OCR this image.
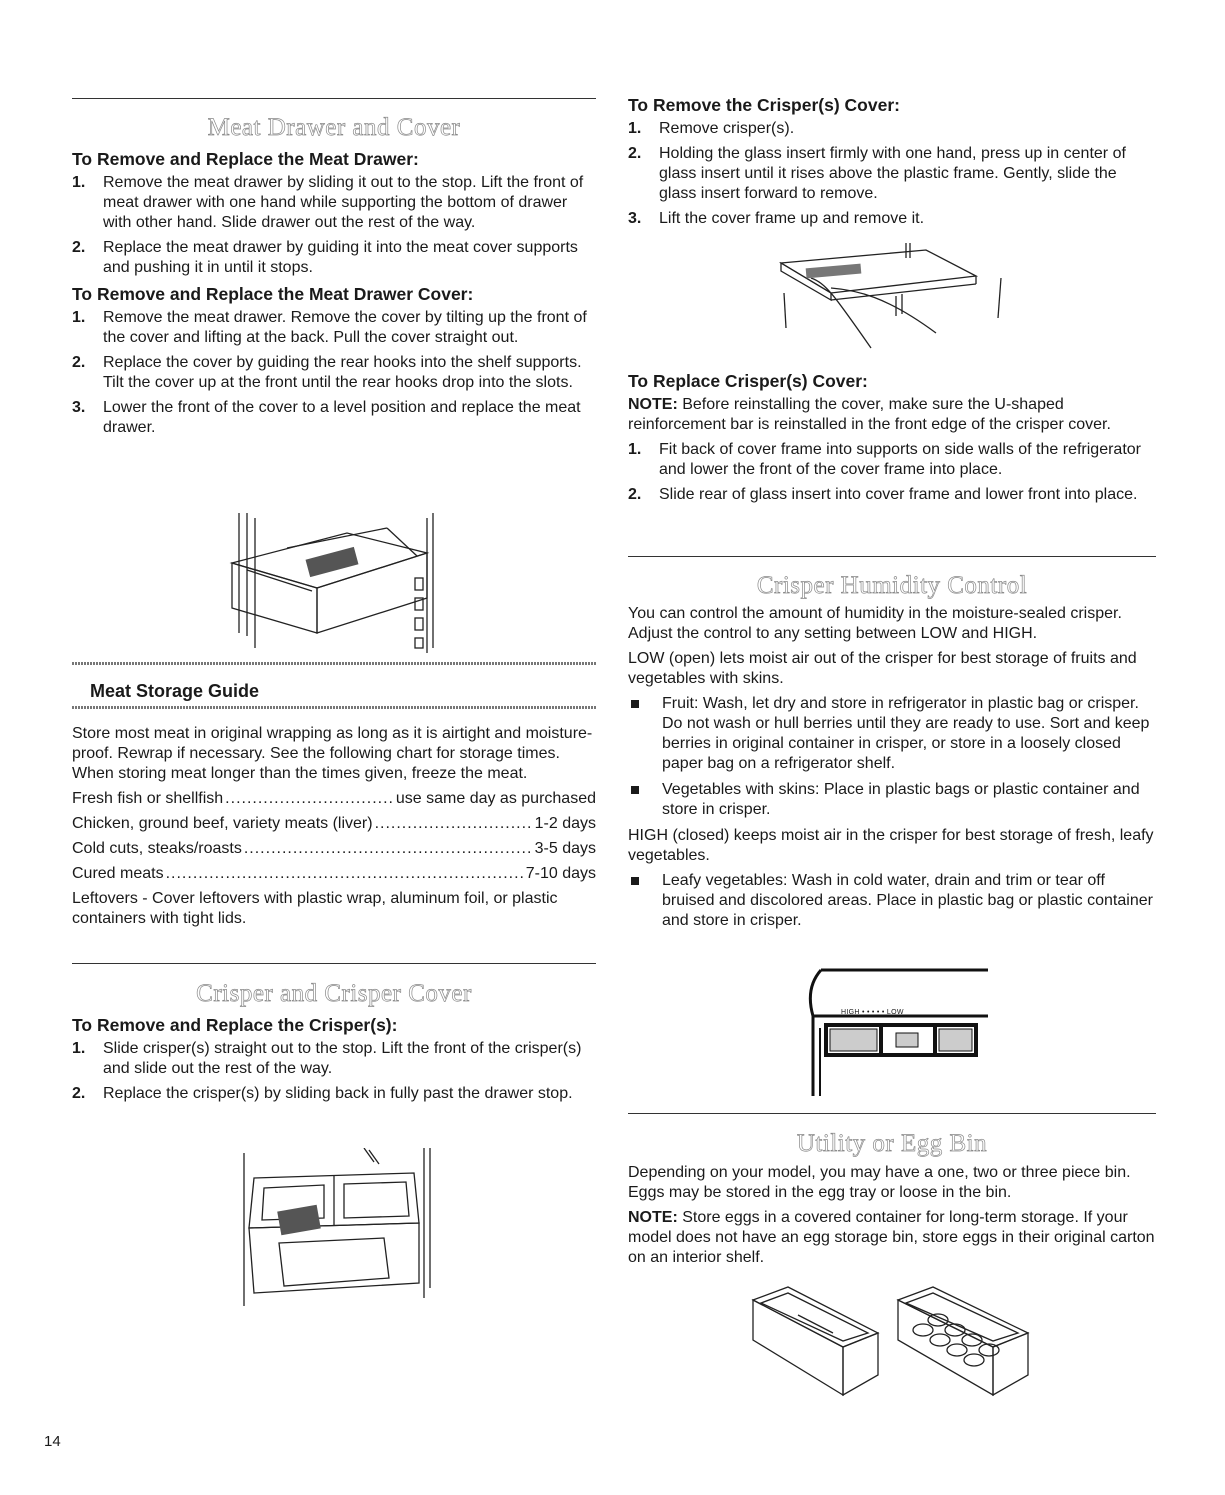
Meat Drawer and Cover
To Remove and Replace the Meat Drawer:
1. Remove the meat drawer by sliding it out to the stop. Lift the front of meat drawer with one hand while supporting the bottom of drawer with other hand. Slide drawer out the rest of the way.
2. Replace the meat drawer by guiding it into the meat cover supports and pushing it in until it stops.
To Remove and Replace the Meat Drawer Cover:
1. Remove the meat drawer. Remove the cover by tilting up the front of the cover and lifting at the back. Pull the cover straight out.
2. Replace the cover by guiding the rear hooks into the shelf supports. Tilt the cover up at the front until the rear hooks drop into the slots.
3. Lower the front of the cover to a level position and replace the meat drawer.
Meat Storage Guide

Store most meat in original wrapping as long as it is airtight and moisture-proof. Rewrap if necessary. See the following chart for storage times. When storing meat longer than the times given, freeze the meat.

Fresh fish or shellfish .....	use same day as purchased
Chicken, ground beef, variety meats (liver) .....	1-2 days
Cold cuts, steaks/roasts .....	3-5 days
Cured meats .....	7-10 days

Leftovers - Cover leftovers with plastic wrap, aluminum foil, or plastic containers with tight lids.

Crisper and Crisper Cover
To Remove and Replace the Crisper(s):
1. Slide crisper(s) straight out to the stop. Lift the front of the crisper(s) and slide out the rest of the way.
2. Replace the crisper(s) by sliding back in fully past the drawer stop.
To Remove the Crisper(s) Cover:
1. Remove crisper(s).
2. Holding the glass insert firmly with one hand, press up in center of glass insert until it rises above the plastic frame. Gently, slide the glass insert forward to remove.
3. Lift the cover frame up and remove it.
To Replace Crisper(s) Cover:

NOTE: Before reinstalling the cover, make sure the U-shaped reinforcement bar is reinstalled in the front edge of the crisper cover.

1. Fit back of cover frame into supports on side walls of the refrigerator and lower the front of the cover frame into place.
2. Slide rear of glass insert into cover frame and lower front into place.
Crisper Humidity Control

You can control the amount of humidity in the moisture-sealed crisper. Adjust the control to any setting between LOW and HIGH.

LOW (open) lets moist air out of the crisper for best storage of fruits and vegetables with skins.

Fruit: Wash, let dry and store in refrigerator in plastic bag or crisper. Do not wash or hull berries until they are ready to use. Sort and keep berries in original container in crisper, or store in a loosely closed paper bag on a refrigerator shelf.
Vegetables with skins: Place in plastic bags or plastic container and store in crisper.

HIGH (closed) keeps moist air in the crisper for best storage of fresh, leafy vegetables.

Leafy vegetables: Wash in cold water, drain and trim or tear off bruised and discolored areas. Place in plastic bag or plastic container and store in crisper.
HIGH • • • • • LOW
Utility or Egg Bin

Depending on your model, you may have a one, two or three piece bin. Eggs may be stored in the egg tray or loose in the bin.

NOTE: Store eggs in a covered container for long-term storage. If your model does not have an egg storage bin, store eggs in their original carton on an interior shelf.

14
